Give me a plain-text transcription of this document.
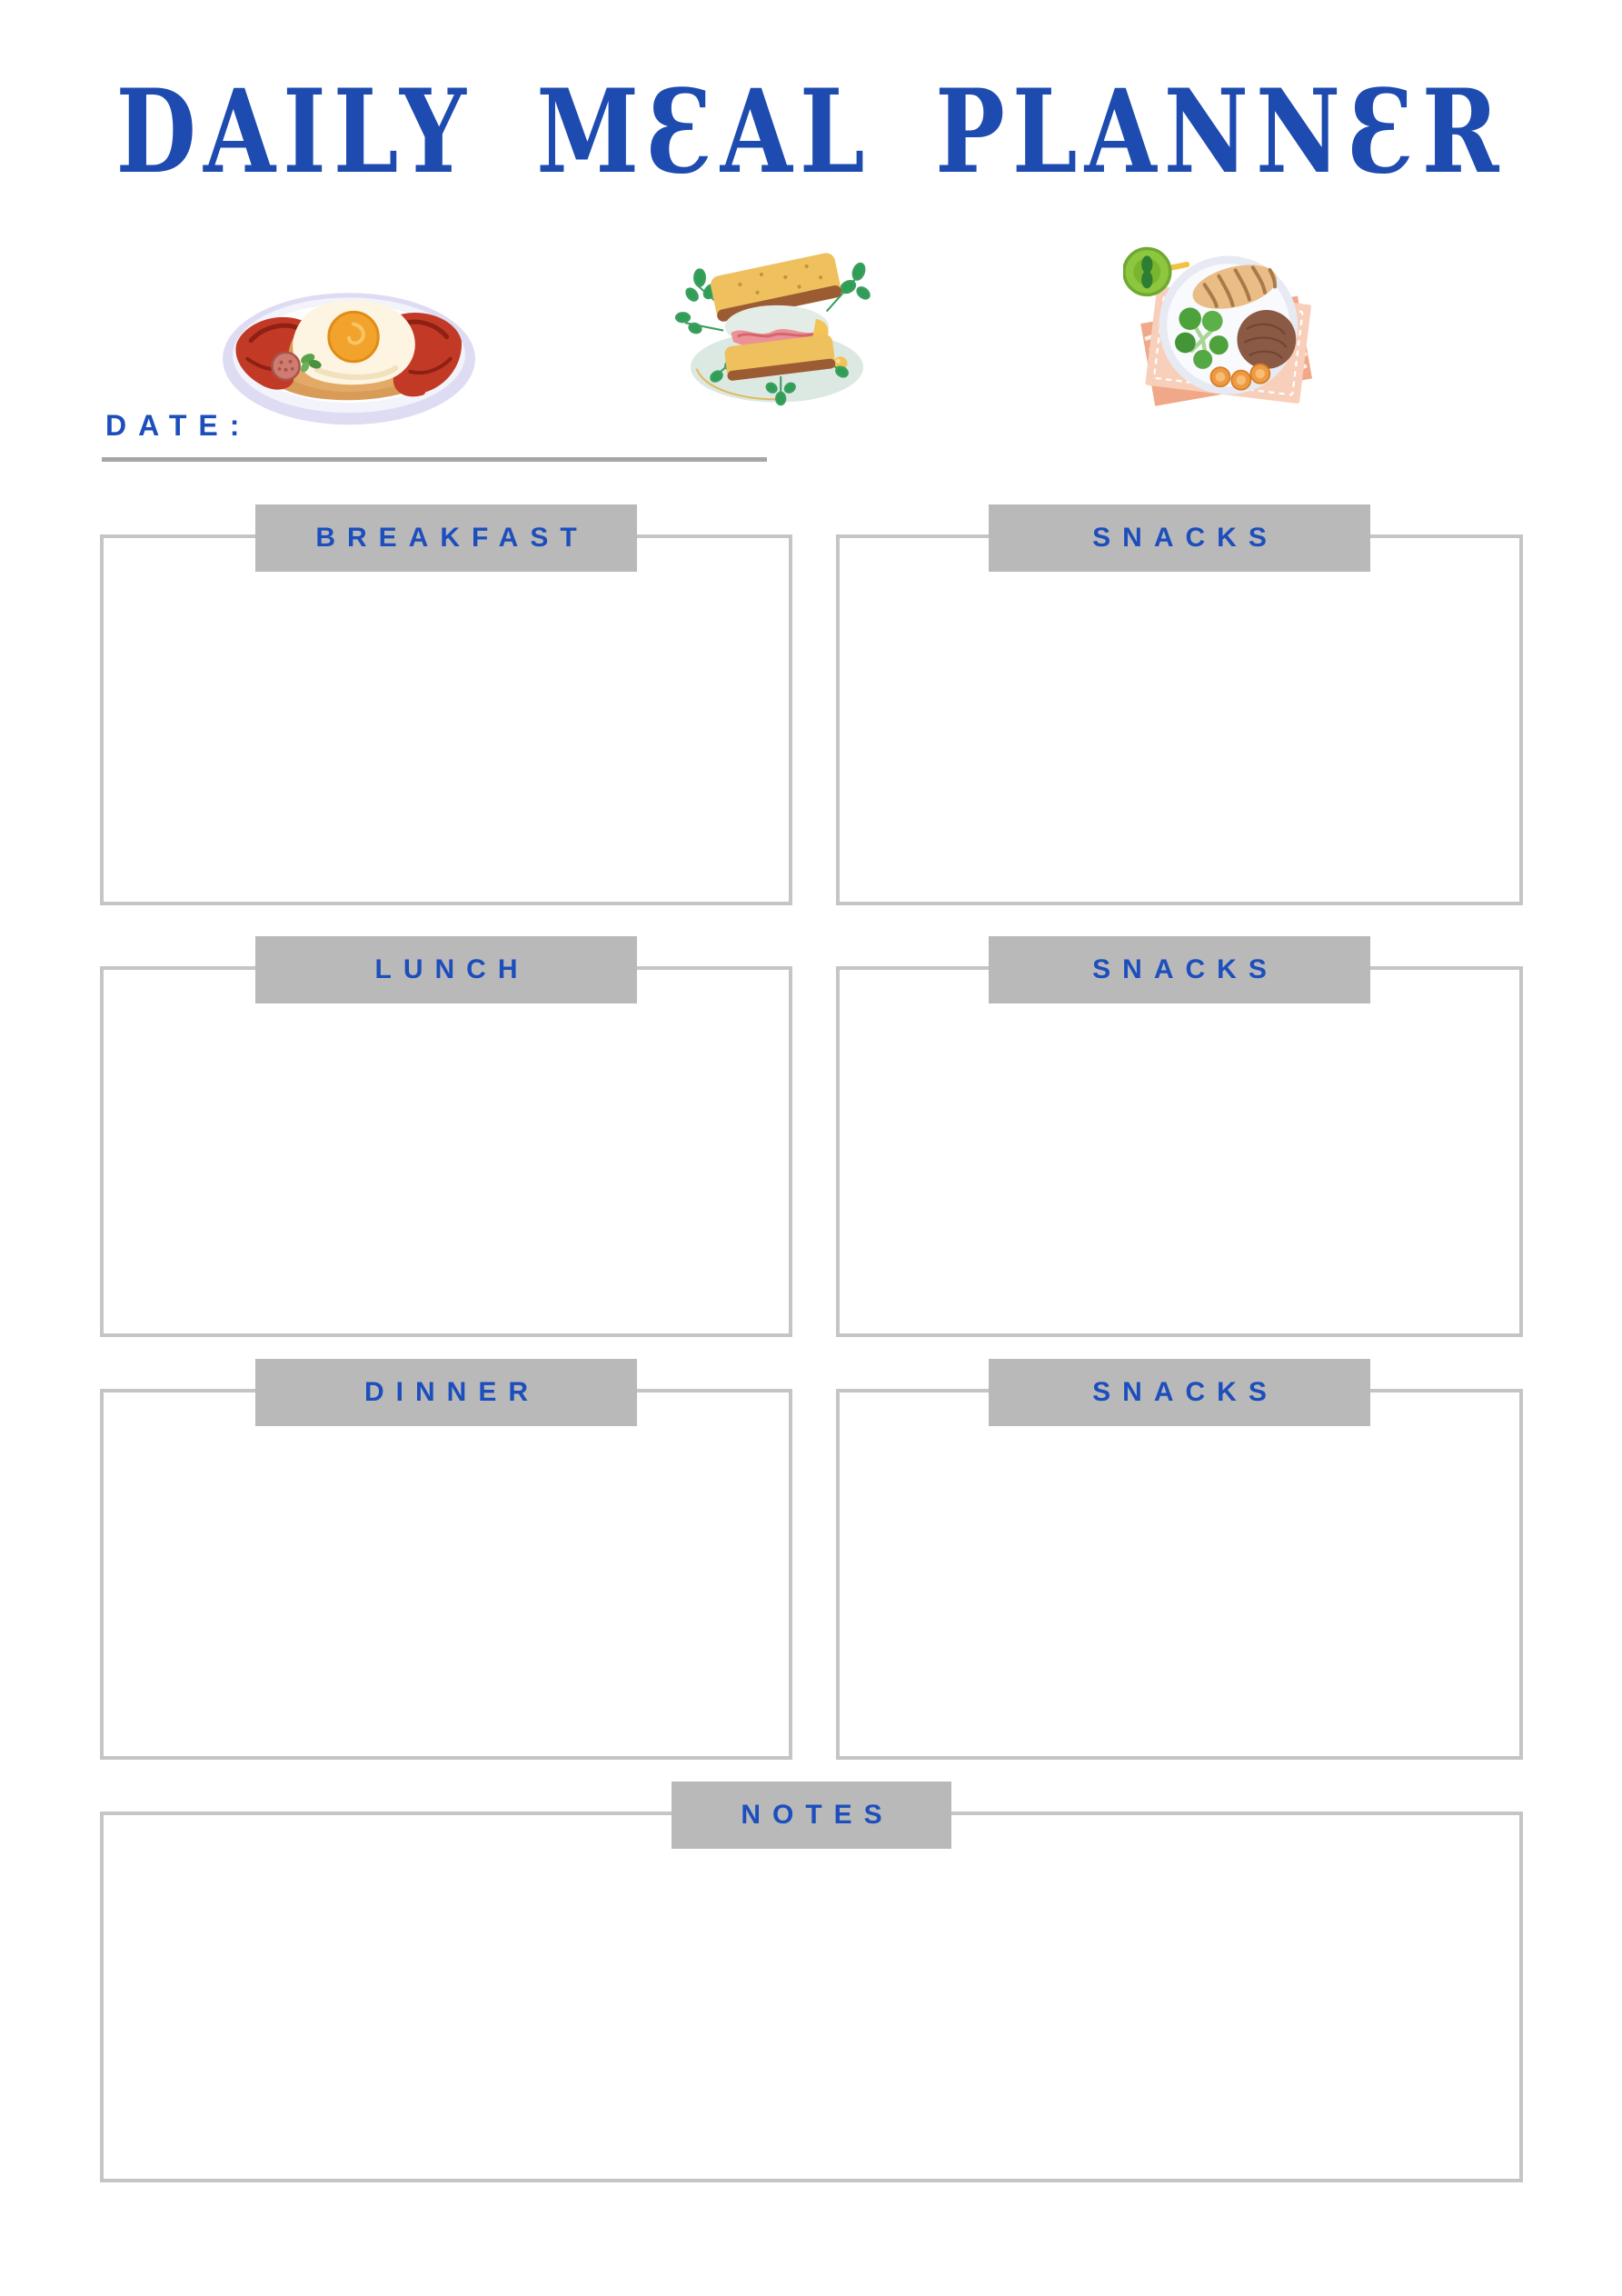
DAILY MƐAL PLANNƐR
DATE:
BREAKFAST	SNACKS
LUNCH	SNACKS
DINNER	SNACKS
NOTES
